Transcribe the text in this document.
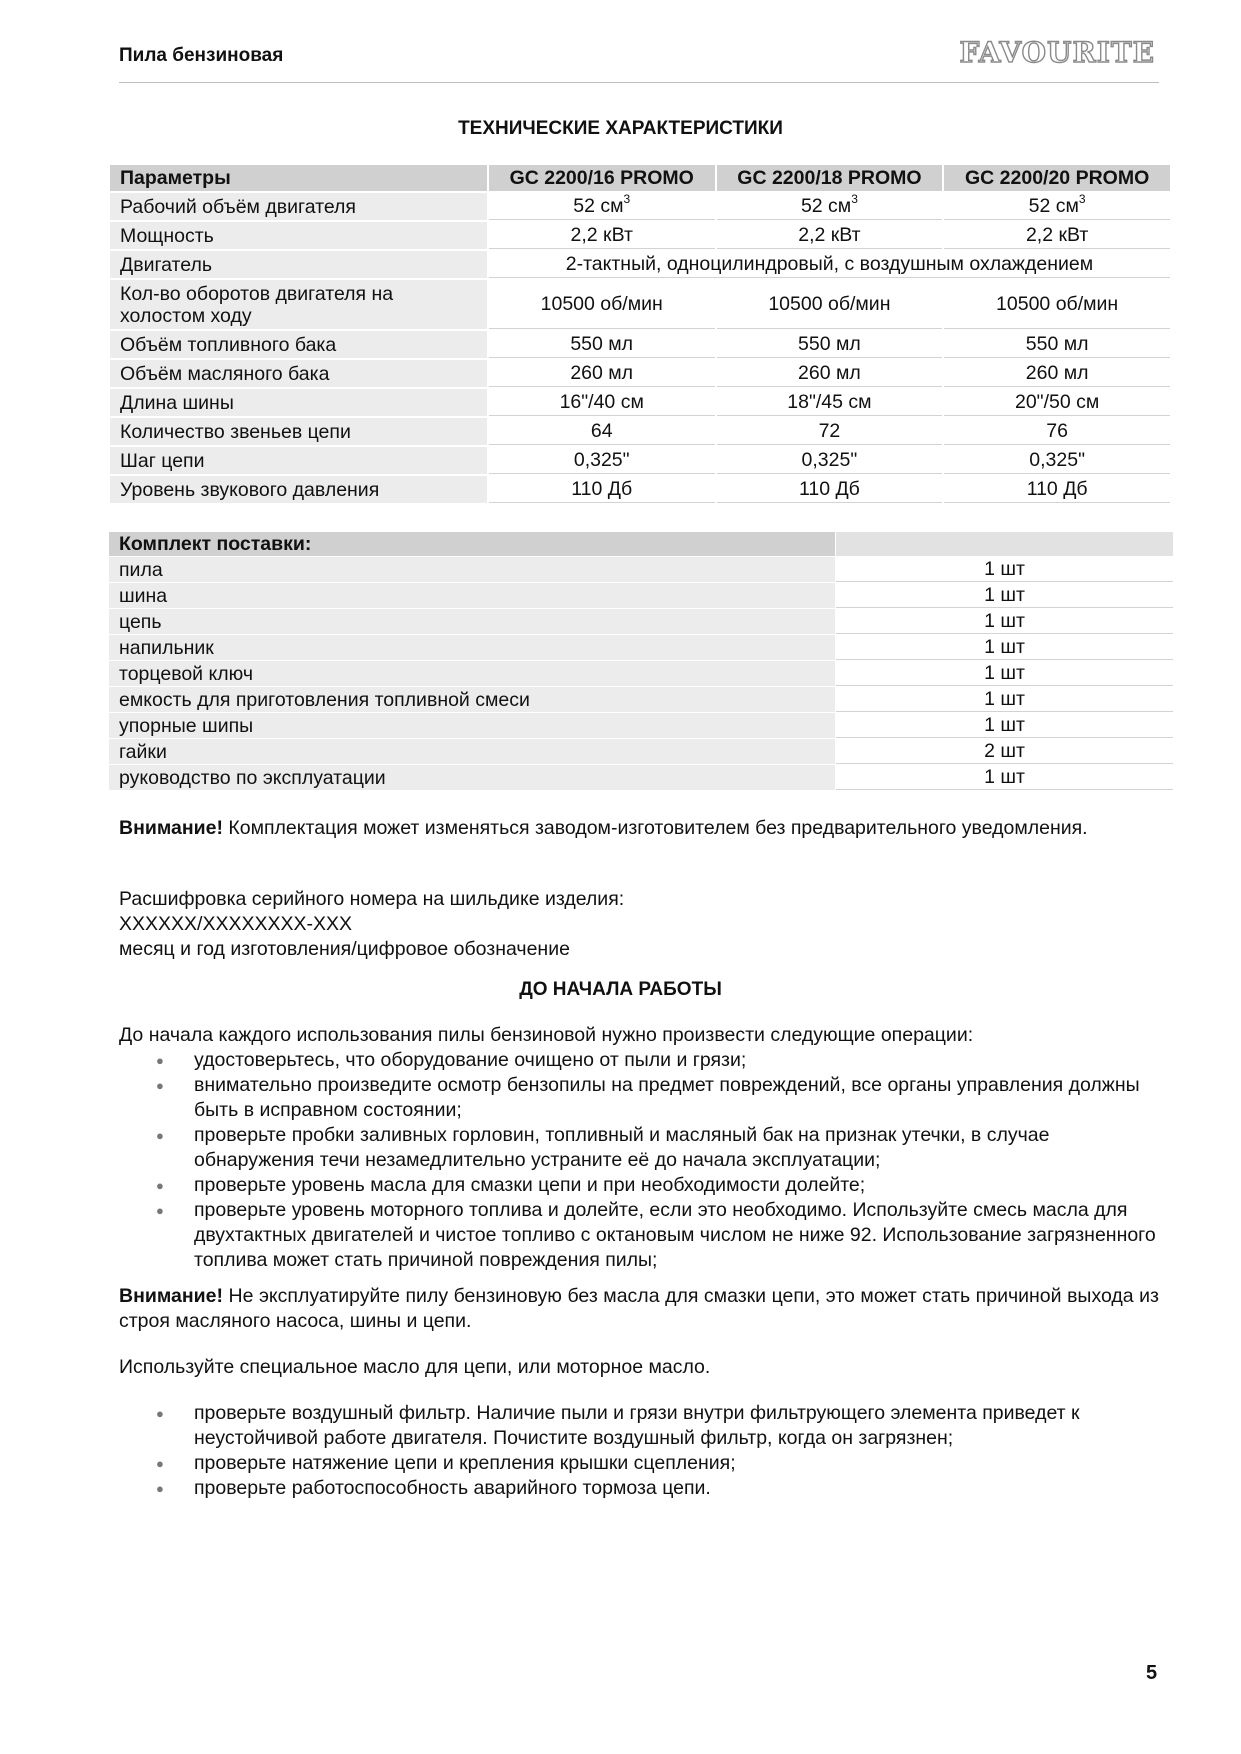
Пила бензиновая	FAVOURITE
ТЕХНИЧЕСКИЕ ХАРАКТЕРИСТИКИ
Параметры	GC 2200/16 PROMO	GC 2200/18 PROMO	GC 2200/20 PROMO
Рабочий объём двигателя	52 $см^3$	52 $см^3$	52 $см^3$
Мощность	2,2 кВт	2,2 кВт	2,2 кВт
Двигатель	2-тактный, одноцилиндровый, с воздушным охлаждением		
Кол-во оборотов двигателя на холостом ходу	10500 об/мин	10500 об/мин	10500 об/мин
Объём топливного бака	550 мл	550 мл	550 мл
Объём масляного бака	260 мл	260 мл	260 мл
Длина шины	16"/40 см	18"/45 см	20"/50 см
Количество звеньев цепи	64	72	76
Шаг цепи	0,325"	0,325"	0,325"
Уровень звукового давления	110 Дб	110 Дб	110 Дб
Комплект поставки:	
пила	1 шт
шина	1 шт
цепь	1 шт
напильник	1 шт
торцевой ключ	1 шт
емкость для приготовления топливной смеси	1 шт
упорные шипы	1 шт
гайки	2 шт
руководство по эксплуатации	1 шт
Внимание! Комплектация может изменяться заводом-изготовителем без предварительного уведомления.
Расшифровка серийного номера на шильдике изделия:
XXXXXX/XXXXXXXX-XXX
месяц и год изготовления/цифровое обозначение
ДО НАЧАЛА РАБОТЫ
До начала каждого использования пилы бензиновой нужно произвести следующие операции:
● удостоверьтесь, что оборудование очищено от пыли и грязи;
● внимательно произведите осмотр бензопилы на предмет повреждений, все органы управления должны быть в исправном состоянии;
● проверьте пробки заливных горловин, топливный и масляный бак на признак утечки, в случае обнаружения течи незамедлительно устраните её до начала эксплуатации;
● проверьте уровень масла для смазки цепи и при необходимости долейте;
● проверьте уровень моторного топлива и долейте, если это необходимо. Используйте смесь масла для двухтактных двигателей и чистое топливо с октановым числом не ниже 92. Использование загрязненного топлива может стать причиной повреждения пилы;
Внимание! Не эксплуатируйте пилу бензиновую без масла для смазки цепи, это может стать причиной выхода из строя масляного насоса, шины и цепи.
Используйте специальное масло для цепи, или моторное масло.
● проверьте воздушный фильтр. Наличие пыли и грязи внутри фильтрующего элемента приведет к неустойчивой работе двигателя. Почистите воздушный фильтр, когда он загрязнен;
● проверьте натяжение цепи и крепления крышки сцепления;
● проверьте работоспособность аварийного тормоза цепи.
5
